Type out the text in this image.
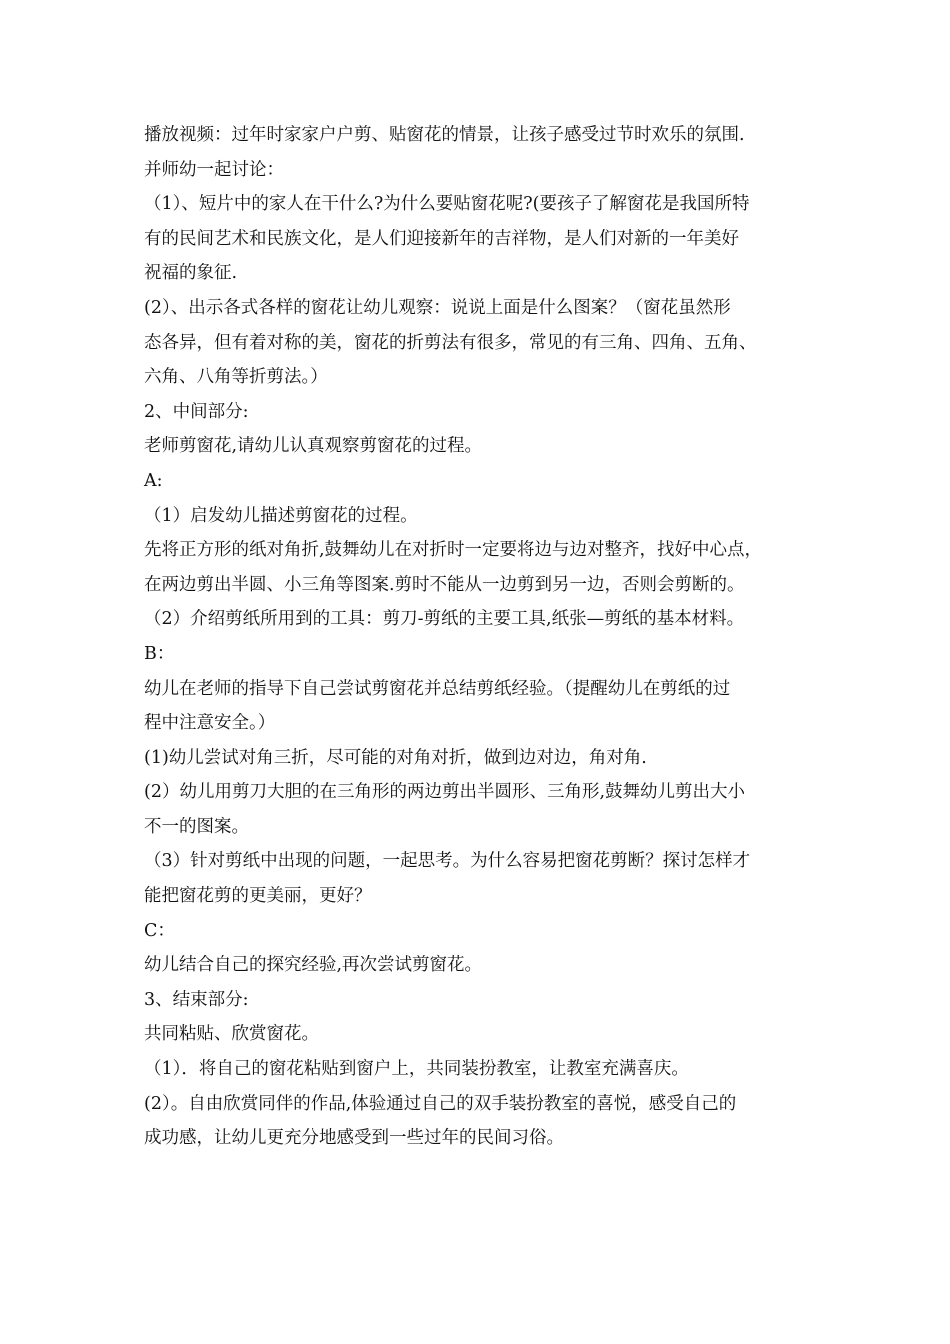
播放视频：过年时家家户户剪、贴窗花的情景，让孩子感受过节时欢乐的氛围.
并师幼一起讨论：
（1）、短片中的家人在干什么?为什么要贴窗花呢?(要孩子了解窗花是我国所特
有的民间艺术和民族文化，是人们迎接新年的吉祥物，是人们对新的一年美好
祝福的象征.
(2）、出示各式各样的窗花让幼儿观察：说说上面是什么图案？（窗花虽然形
态各异，但有着对称的美，窗花的折剪法有很多，常见的有三角、四角、五角、
六角、八角等折剪法。）
2、中间部分:
老师剪窗花,请幼儿认真观察剪窗花的过程。
A:
（1）启发幼儿描述剪窗花的过程。
先将正方形的纸对角折,鼓舞幼儿在对折时一定要将边与边对整齐，找好中心点，
在两边剪出半圆、小三角等图案.剪时不能从一边剪到另一边，否则会剪断的。
（2）介绍剪纸所用到的工具：剪刀-剪纸的主要工具,纸张—剪纸的基本材料。
B：
幼儿在老师的指导下自己尝试剪窗花并总结剪纸经验。（提醒幼儿在剪纸的过
程中注意安全。）
(1)幼儿尝试对角三折，尽可能的对角对折，做到边对边，角对角.
(2）幼儿用剪刀大胆的在三角形的两边剪出半圆形、三角形,鼓舞幼儿剪出大小
不一的图案。
（3）针对剪纸中出现的问题，一起思考。为什么容易把窗花剪断？探讨怎样才
能把窗花剪的更美丽，更好？
C：
幼儿结合自己的探究经验,再次尝试剪窗花。
3、结束部分:
共同粘贴、欣赏窗花。
（1）．将自己的窗花粘贴到窗户上，共同装扮教室，让教室充满喜庆。
(2）。自由欣赏同伴的作品,体验通过自己的双手装扮教室的喜悦，感受自己的
成功感，让幼儿更充分地感受到一些过年的民间习俗。
